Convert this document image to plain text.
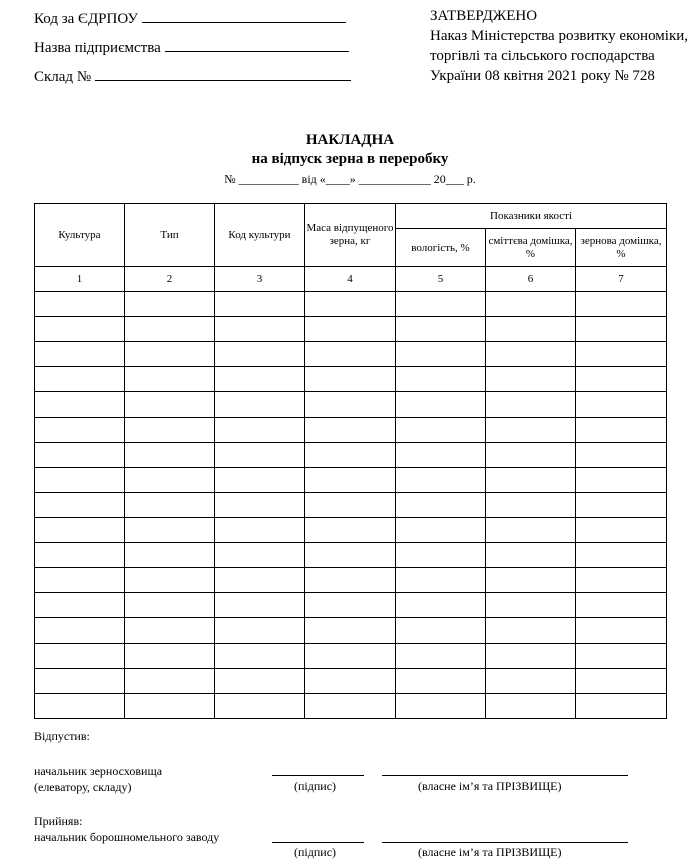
Код за ЄДРПОУ
Назва підприємства
Склад №
ЗАТВЕРДЖЕНО
Наказ Міністерства розвитку економіки, торгівлі та сільського господарства України 08 квітня 2021 року № 728
НАКЛАДНА
на відпуск зерна в переробку
№ __________ від «____» ____________ 20___ р.
Культура	Тип	Код культури	Маса відпущеного зерна, кг	Показники якості		
				вологість, %	сміттєва домішка, %	зернова домішка, %
1	2	3	4	5	6	7

Відпустив:
начальник зерносховища
(елеватору, складу)	(підпис)	(власне ім’я та ПРІЗВИЩЕ)
Прийняв:
начальник борошномельного заводу
(підпис)	(власне ім’я та ПРІЗВИЩЕ)
